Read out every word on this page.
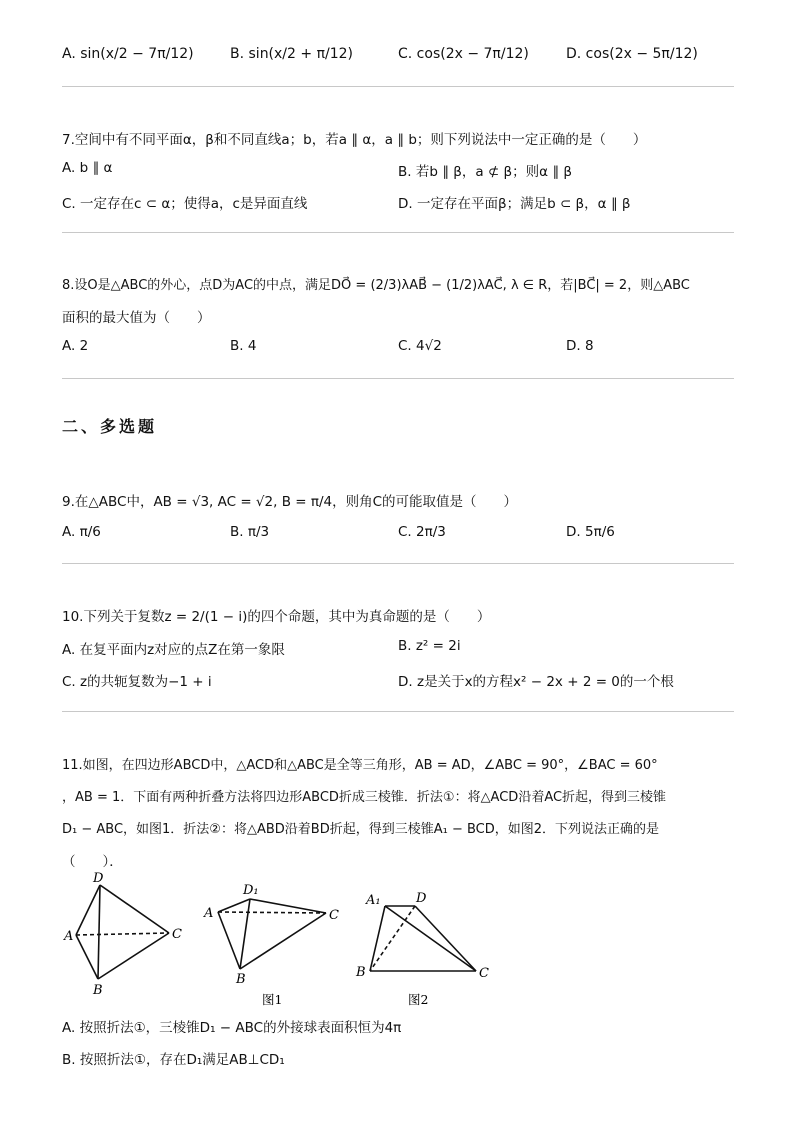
A. sin(x/2 − 7π/12)	B. sin(x/2 + π/12)	C. cos(2x − 7π/12)	D. cos(2x − 5π/12)
7.空间中有不同平面α，β和不同直线a；b，若a ∥ α，a ∥ b；则下列说法中一定正确的是（　　）
A. b ∥ α	B. 若b ∥ β，a ⊄ β；则α ∥ β
C. 一定存在c ⊂ α；使得a，c是异面直线	D. 一定存在平面β；满足b ⊂ β，α ∥ β
8.设O是△ABC的外心，点D为AC的中点，满足DO⃗ = (2/3)λAB⃗ − (1/2)λAC⃗, λ ∈ R，若|BC⃗| = 2，则△ABC
面积的最大值为（　　）
A. 2	B. 4	C. 4√2	D. 8
二、多选题
9.在△ABC中，AB = √3, AC = √2, B = π/4，则角C的可能取值是（　　）
A. π/6	B. π/3	C. 2π/3	D. 5π/6
10.下列关于复数z = 2/(1 − i)的四个命题，其中为真命题的是（　　）
A. 在复平面内z对应的点Z在第一象限	B. z² = 2i
C. z的共轭复数为−1 + i	D. z是关于x的方程x² − 2x + 2 = 0的一个根
11.如图，在四边形ABCD中，△ACD和△ABC是全等三角形，AB = AD，∠ABC = 90°，∠BAC = 60°
，AB = 1．下面有两种折叠方法将四边形ABCD折成三棱锥．折法①：将△ACD沿着AC折起，得到三棱锥
D₁ − ABC，如图1．折法②：将△ABD沿着BD折起，得到三棱锥A₁ − BCD，如图2．下列说法正确的是
（　　）．
D
A	C
B
D₁
A	C
B
图1
A₁	D
B	C
图2
A. 按照折法①，三棱锥D₁ − ABC的外接球表面积恒为4π
B. 按照折法①，存在D₁满足AB⊥CD₁
